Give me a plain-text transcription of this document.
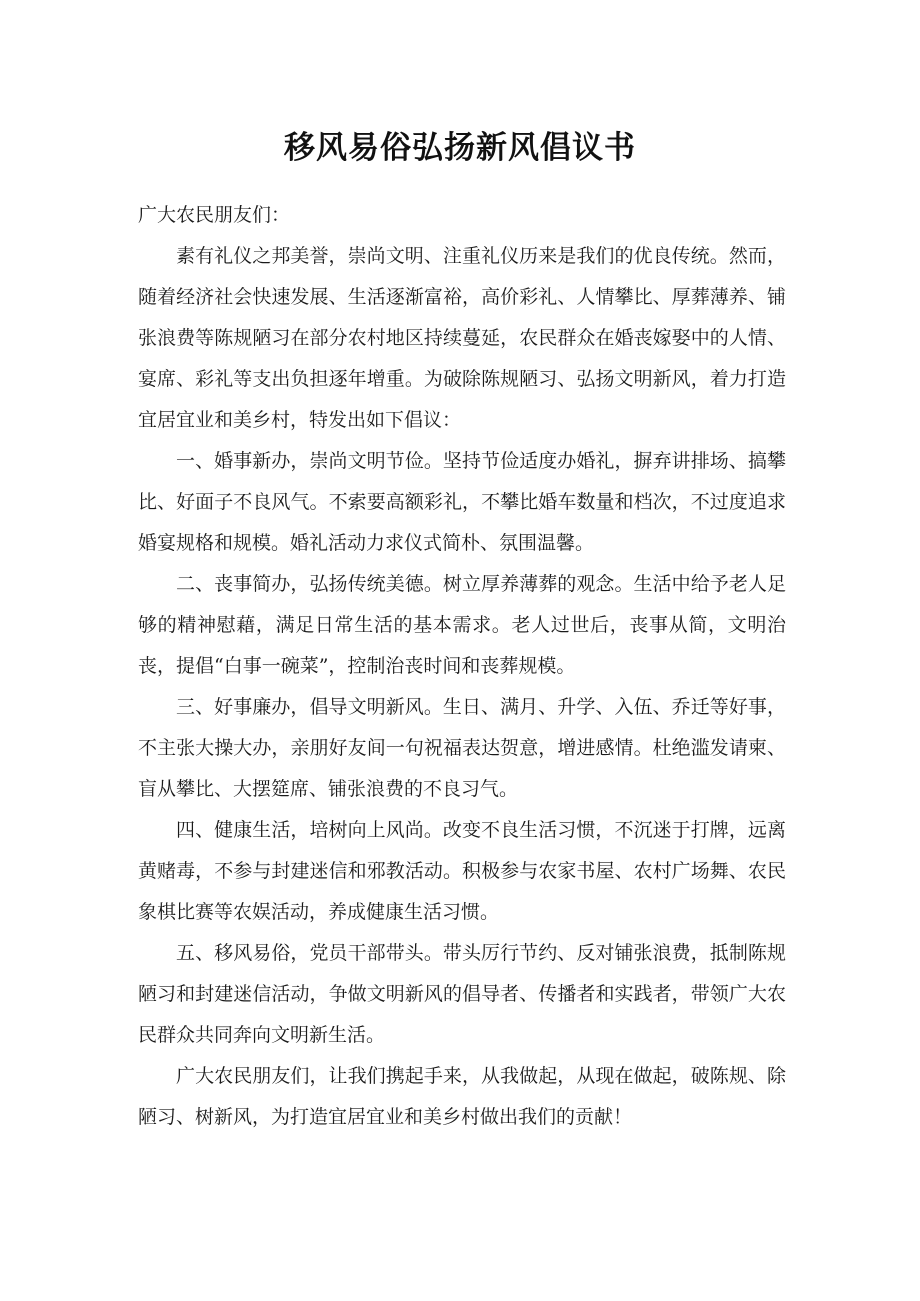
移风易俗弘扬新风倡议书

广大农民朋友们：

素有礼仪之邦美誉，崇尚文明、注重礼仪历来是我们的优良传统。然而，随着经济社会快速发展、生活逐渐富裕，高价彩礼、人情攀比、厚葬薄养、铺张浪费等陈规陋习在部分农村地区持续蔓延，农民群众在婚丧嫁娶中的人情、宴席、彩礼等支出负担逐年增重。为破除陈规陋习、弘扬文明新风，着力打造宜居宜业和美乡村，特发出如下倡议：

一、婚事新办，崇尚文明节俭。坚持节俭适度办婚礼，摒弃讲排场、搞攀比、好面子不良风气。不索要高额彩礼，不攀比婚车数量和档次，不过度追求婚宴规格和规模。婚礼活动力求仪式简朴、氛围温馨。

二、丧事简办，弘扬传统美德。树立厚养薄葬的观念。生活中给予老人足够的精神慰藉，满足日常生活的基本需求。老人过世后，丧事从简，文明治丧，提倡“白事一碗菜”，控制治丧时间和丧葬规模。

三、好事廉办，倡导文明新风。生日、满月、升学、入伍、乔迁等好事，不主张大操大办，亲朋好友间一句祝福表达贺意，增进感情。杜绝滥发请柬、盲从攀比、大摆筵席、铺张浪费的不良习气。

四、健康生活，培树向上风尚。改变不良生活习惯，不沉迷于打牌，远离黄赌毒，不参与封建迷信和邪教活动。积极参与农家书屋、农村广场舞、农民象棋比赛等农娱活动，养成健康生活习惯。

五、移风易俗，党员干部带头。带头厉行节约、反对铺张浪费，抵制陈规陋习和封建迷信活动，争做文明新风的倡导者、传播者和实践者，带领广大农民群众共同奔向文明新生活。

广大农民朋友们，让我们携起手来，从我做起，从现在做起，破陈规、除陋习、树新风，为打造宜居宜业和美乡村做出我们的贡献！
